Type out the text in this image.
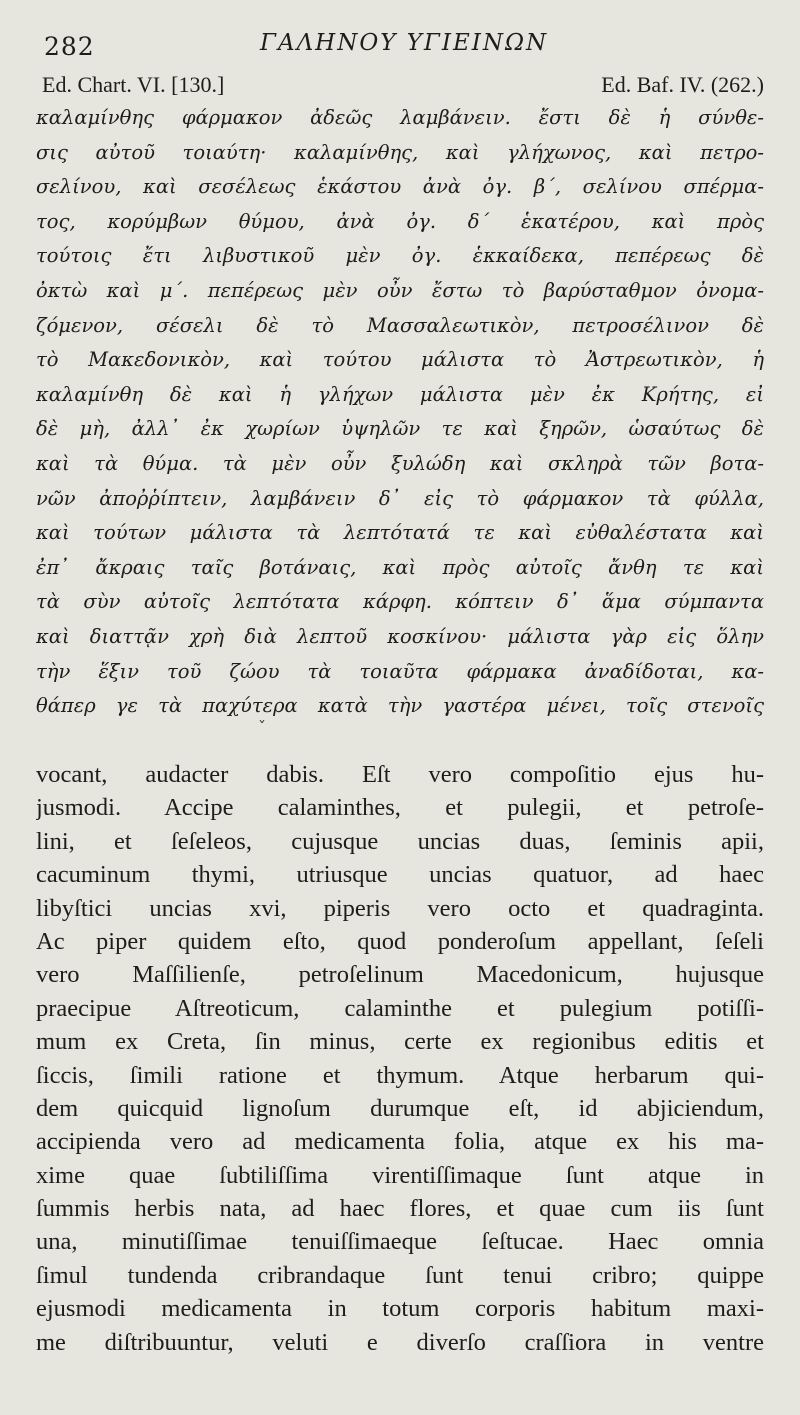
282	ΓΑΛΗΝΟΥ ΥΓΙΕΙΝΩΝ
Ed. Chart. VI. [130.]	Ed. Baf. IV. (262.)
καλαμίνθης φάρμακον ἀδεῶς λαμβάνειν. ἔστι δὲ ἡ σύνθε-
σις αὐτοῦ τοιαύτη· καλαμίνθης, καὶ γλήχωνος, καὶ πετρο-
σελίνου, καὶ σεσέλεως ἑκάστου ἀνὰ ὀγ. β΄, σελίνου σπέρμα-
τος, κορύμβων θύμου, ἀνὰ ὀγ. δ΄ ἑκατέρου, καὶ πρὸς
τούτοις ἔτι λιβυστικοῦ μὲν ὀγ. ἑκκαίδεκα, πεπέρεως δὲ
ὀκτὼ καὶ μ΄. πεπέρεως μὲν οὖν ἔστω τὸ βαρύσταθμον ὀνομα-
ζόμενον, σέσελι δὲ τὸ Μασσαλεωτικὸν, πετροσέλινον δὲ
τὸ Μακεδονικὸν, καὶ τούτου μάλιστα τὸ Ἀστρεωτικὸν, ἡ
καλαμίνθη δὲ καὶ ἡ γλήχων μάλιστα μὲν ἐκ Κρήτης, εἰ
δὲ μὴ, ἀλλ᾽ ἐκ χωρίων ὑψηλῶν τε καὶ ξηρῶν, ὡσαύτως δὲ
καὶ τὰ θύμα. τὰ μὲν οὖν ξυλώδη καὶ σκληρὰ τῶν βοτα-
νῶν ἀποῤῥίπτειν, λαμβάνειν δ᾽ εἰς τὸ φάρμακον τὰ φύλλα,
καὶ τούτων μάλιστα τὰ λεπτότατά τε καὶ εὐθαλέστατα καὶ
ἐπ᾽ ἄκραις ταῖς βοτάναις, καὶ πρὸς αὐτοῖς ἄνθη τε καὶ
τὰ σὺν αὐτοῖς λεπτότατα κάρφη. κόπτειν δ᾽ ἅμα σύμπαντα
καὶ διαττᾷν χρὴ διὰ λεπτοῦ κοσκίνου· μάλιστα γὰρ εἰς ὅλην
τὴν ἕξιν τοῦ ζώου τὰ τοιαῦτα φάρμακα ἀναδίδοται, κα-
θάπερ γε τὰ παχύτερα κατὰ τὴν γαστέρα μένει, τοῖς στενοῖς
ˇ
vocant, audacter dabis. Eſt vero compoſitio ejus hu-
jusmodi. Accipe calaminthes, et pulegii, et petroſe-
lini, et ſeſeleos, cujusque uncias duas, ſeminis apii,
cacuminum thymi, utriusque uncias quatuor, ad haec
libyſtici uncias xvi, piperis vero octo et quadraginta.
Ac piper quidem eſto, quod ponderoſum appellant, ſeſeli
vero Maſſilienſe, petroſelinum Macedonicum, hujusque
praecipue Aſtreoticum, calaminthe et pulegium potiſſi-
mum ex Creta, ſin minus, certe ex regionibus editis et
ſiccis, ſimili ratione et thymum. Atque herbarum qui-
dem quicquid lignoſum durumque eſt, id abjiciendum,
accipienda vero ad medicamenta folia, atque ex his ma-
xime quae ſubtiliſſima virentiſſimaque ſunt atque in
ſummis herbis nata, ad haec flores, et quae cum iis ſunt
una, minutiſſimae tenuiſſimaeque ſeſtucae. Haec omnia
ſimul tundenda cribrandaque ſunt tenui cribro; quippe
ejusmodi medicamenta in totum corporis habitum maxi-
me diſtribuuntur, veluti e diverſo craſſiora in ventre
